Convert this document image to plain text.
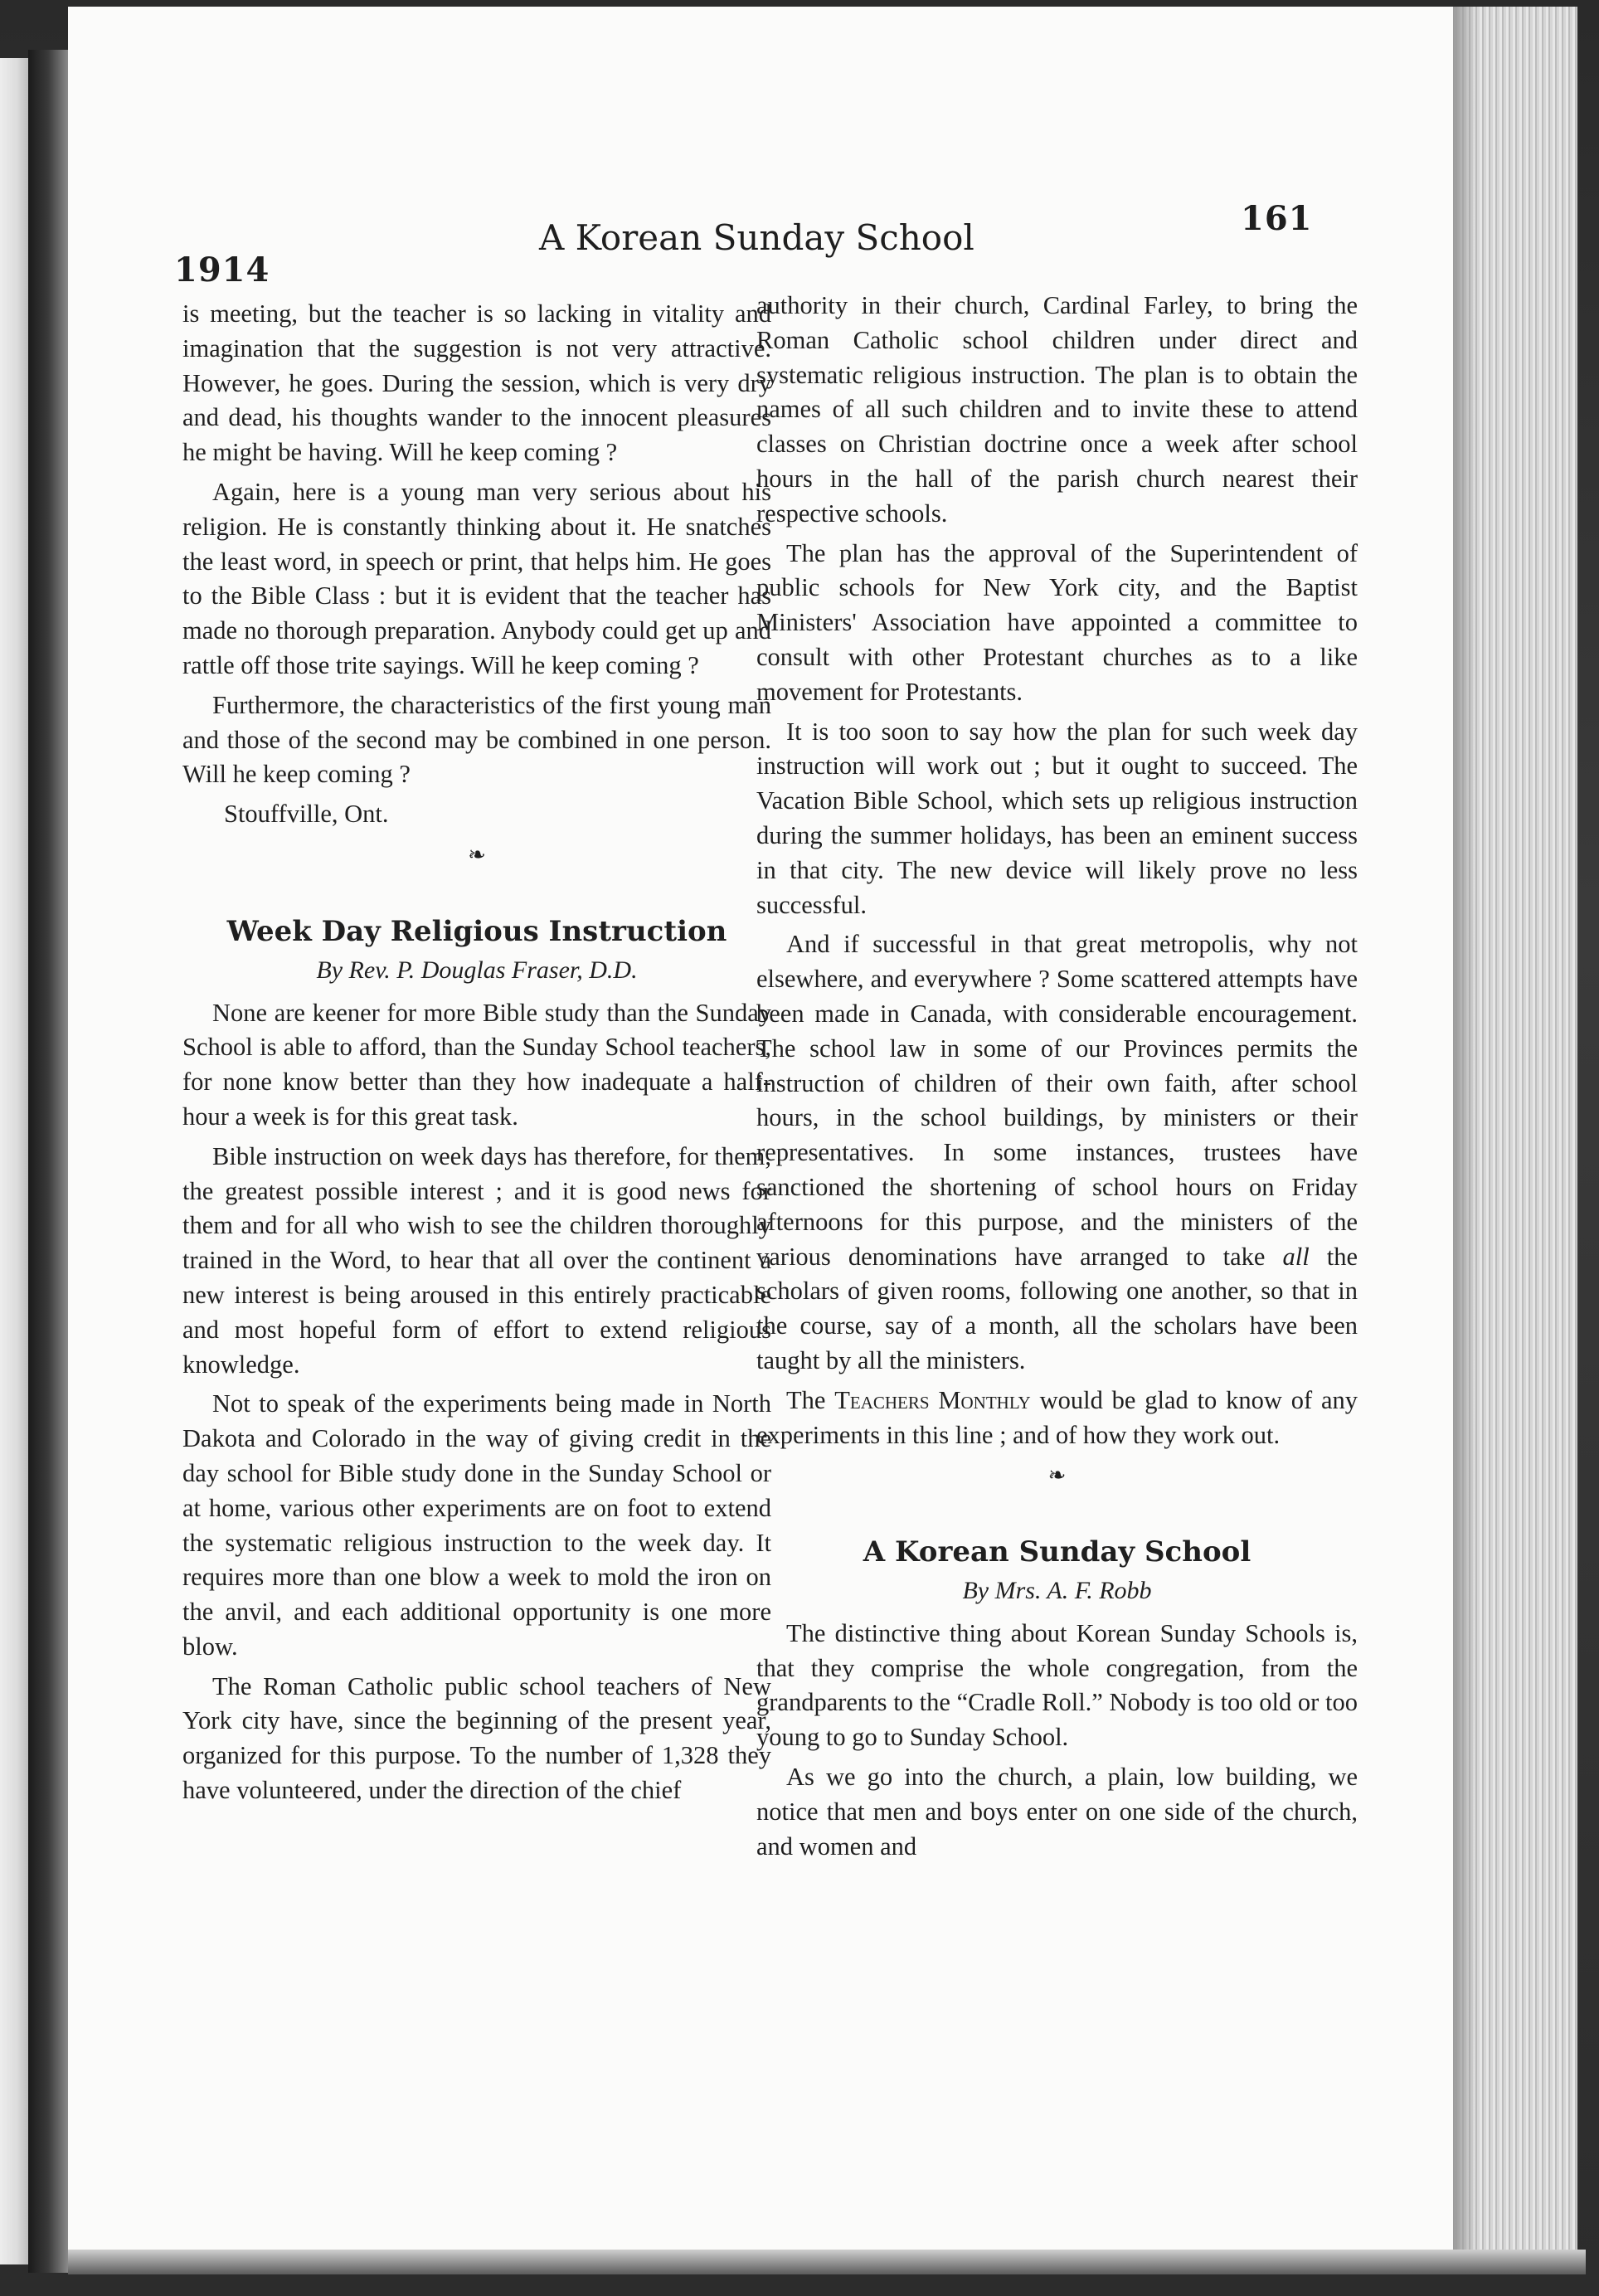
1914
A Korean Sunday School	161

is meeting, but the teacher is so lacking in vitality and imagination that the suggestion is not very attractive. However, he goes. During the session, which is very dry and dead, his thoughts wander to the innocent pleasures he might be having. Will he keep coming ?

Again, here is a young man very serious about his religion. He is constantly thinking about it. He snatches the least word, in speech or print, that helps him. He goes to the Bible Class : but it is evident that the teacher has made no thorough preparation. Anybody could get up and rattle off those trite sayings. Will he keep coming ?

Furthermore, the characteristics of the first young man and those of the second may be combined in one person. Will he keep coming ?

Stouffville, Ont.

❧
Week Day Religious Instruction
By Rev. P. Douglas Fraser, D.D.

None are keener for more Bible study than the Sunday School is able to afford, than the Sunday School teachers, for none know better than they how inadequate a half-hour a week is for this great task.

Bible instruction on week days has therefore, for them, the greatest possible interest ; and it is good news for them and for all who wish to see the children thoroughly trained in the Word, to hear that all over the continent a new interest is being aroused in this entirely practicable and most hopeful form of effort to extend religious knowledge.

Not to speak of the experiments being made in North Dakota and Colorado in the way of giving credit in the day school for Bible study done in the Sunday School or at home, various other experiments are on foot to extend the systematic religious instruction to the week day. It requires more than one blow a week to mold the iron on the anvil, and each additional opportunity is one more blow.

The Roman Catholic public school teachers of New York city have, since the beginning of the present year, organized for this purpose. To the number of 1,328 they have volunteered, under the direction of the chief

authority in their church, Cardinal Farley, to bring the Roman Catholic school children under direct and systematic religious instruction. The plan is to obtain the names of all such children and to invite these to attend classes on Christian doctrine once a week after school hours in the hall of the parish church nearest their respective schools.

The plan has the approval of the Superintendent of public schools for New York city, and the Baptist Ministers' Association have appointed a committee to consult with other Protestant churches as to a like movement for Protestants.

It is too soon to say how the plan for such week day instruction will work out ; but it ought to succeed. The Vacation Bible School, which sets up religious instruction during the summer holidays, has been an eminent success in that city. The new device will likely prove no less successful.

And if successful in that great metropolis, why not elsewhere, and everywhere ? Some scattered attempts have been made in Canada, with considerable encouragement. The school law in some of our Provinces permits the instruction of children of their own faith, after school hours, in the school buildings, by ministers or their representatives. In some instances, trustees have sanctioned the shortening of school hours on Friday afternoons for this purpose, and the ministers of the various denominations have arranged to take all the scholars of given rooms, following one another, so that in the course, say of a month, all the scholars have been taught by all the ministers.

The Teachers Monthly would be glad to know of any experiments in this line ; and of how they work out.

❧
A Korean Sunday School
By Mrs. A. F. Robb

The distinctive thing about Korean Sunday Schools is, that they comprise the whole congregation, from the grandparents to the “Cradle Roll.” Nobody is too old or too young to go to Sunday School.

As we go into the church, a plain, low building, we notice that men and boys enter on one side of the church, and women and
